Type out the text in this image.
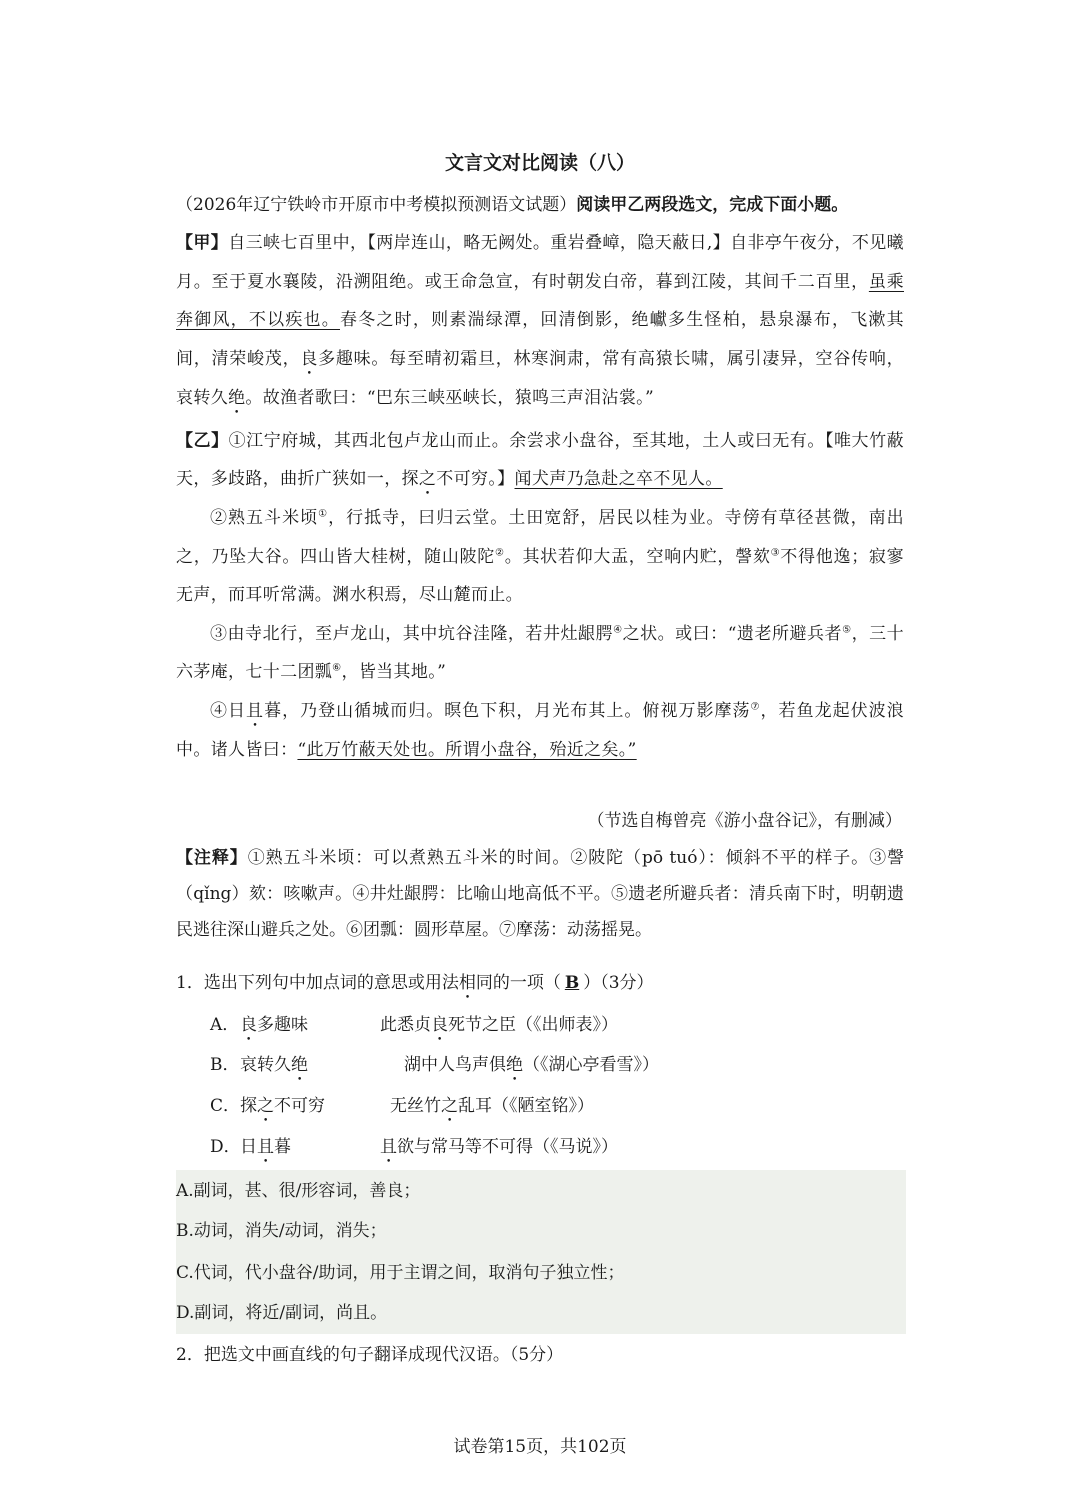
文言文对比阅读（八）
（2026年辽宁铁岭市开原市中考模拟预测语文试题）阅读甲乙两段选文，完成下面小题。
【甲】自三峡七百里中，【两岸连山，略无阙处。重岩叠嶂，隐天蔽日,】自非亭午夜分，不见曦月。至于夏水襄陵，沿溯阻绝。或王命急宣，有时朝发白帝，暮到江陵，其间千二百里，虽乘奔御风，不以疾也。春冬之时，则素湍绿潭，回清倒影，绝巘多生怪柏，悬泉瀑布，飞漱其间，清荣峻茂，良多趣味。每至晴初霜旦，林寒涧肃，常有高猿长啸，属引凄异，空谷传响，哀转久绝。故渔者歌曰：“巴东三峡巫峡长，猿鸣三声泪沾裳。”
【乙】①江宁府城，其西北包卢龙山而止。余尝求小盘谷，至其地，土人或曰无有。【唯大竹蔽天，多歧路，曲折广狭如一，探之不可穷。】闻犬声乃急赴之卒不见人。
②熟五斗米顷①，行抵寺，曰归云堂。土田宽舒，居民以桂为业。寺傍有草径甚微，南出之，乃坠大谷。四山皆大桂树，随山陂陀②。其状若仰大盂，空响内贮，謦欬③不得他逸；寂寥无声，而耳听常满。渊水积焉，尽山麓而止。
③由寺北行，至卢龙山，其中坑谷洼隆，若井灶龈腭④之状。或曰：“遗老所避兵者⑤，三十六茅庵，七十二团瓢⑥，皆当其地。”
④日且暮，乃登山循城而归。暝色下积，月光布其上。俯视万影摩荡⑦，若鱼龙起伏波浪中。诸人皆曰：“此万竹蔽天处也。所谓小盘谷，殆近之矣。”
（节选自梅曾亮《游小盘谷记》，有删减）
【注释】①熟五斗米顷：可以煮熟五斗米的时间。②陂陀（pō tuó）：倾斜不平的样子。③謦（qǐng）欬：咳嗽声。④井灶龈腭：比喻山地高低不平。⑤遗老所避兵者：清兵南下时，明朝遗民逃往深山避兵之处。⑥团瓢：圆形草屋。⑦摩荡：动荡摇晃。
1．选出下列句中加点词的意思或用法相同的一项（ B ）（3分）
A．良多趣味	此悉贞良死节之臣（《出师表》）
B．哀转久绝	湖中人鸟声俱绝（《湖心亭看雪》）
C．探之不可穷	无丝竹之乱耳（《陋室铭》）
D．日且暮	且欲与常马等不可得（《马说》）
A.副词，甚、很/形容词，善良；
B.动词，消失/动词，消失；
C.代词，代小盘谷/助词，用于主谓之间，取消句子独立性；
D.副词，将近/副词，尚且。
2．把选文中画直线的句子翻译成现代汉语。（5分）
试卷第15页，共102页
